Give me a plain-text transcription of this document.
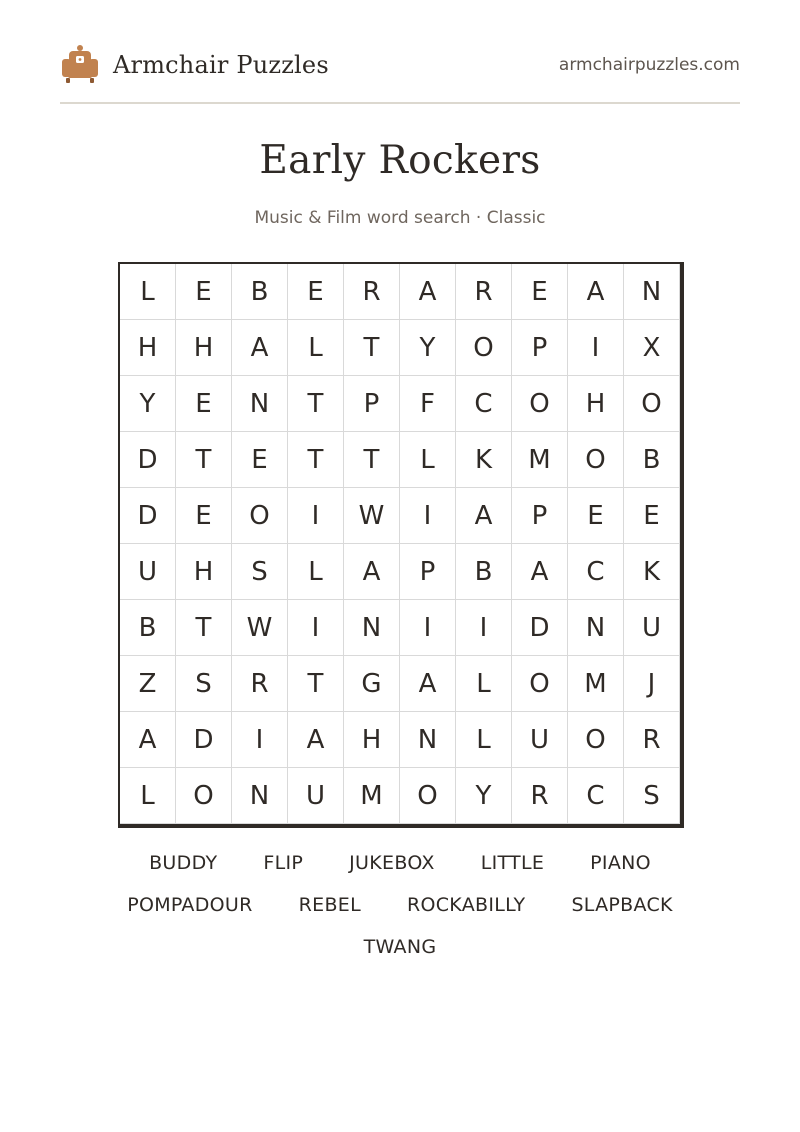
Armchair Puzzles	armchairpuzzles.com
Early Rockers
Music & Film word search · Classic
L	E	B	E	R	A	R	E	A	N
H	H	A	L	T	Y	O	P	I	X
Y	E	N	T	P	F	C	O	H	O
D	T	E	T	T	L	K	M	O	B
D	E	O	I	W	I	A	P	E	E
U	H	S	L	A	P	B	A	C	K
B	T	W	I	N	I	I	D	N	U
Z	S	R	T	G	A	L	O	M	J
A	D	I	A	H	N	L	U	O	R
L	O	N	U	M	O	Y	R	C	S
BUDDY FLIP JUKEBOX LITTLE PIANO
POMPADOUR REBEL ROCKABILLY SLAPBACK
TWANG
